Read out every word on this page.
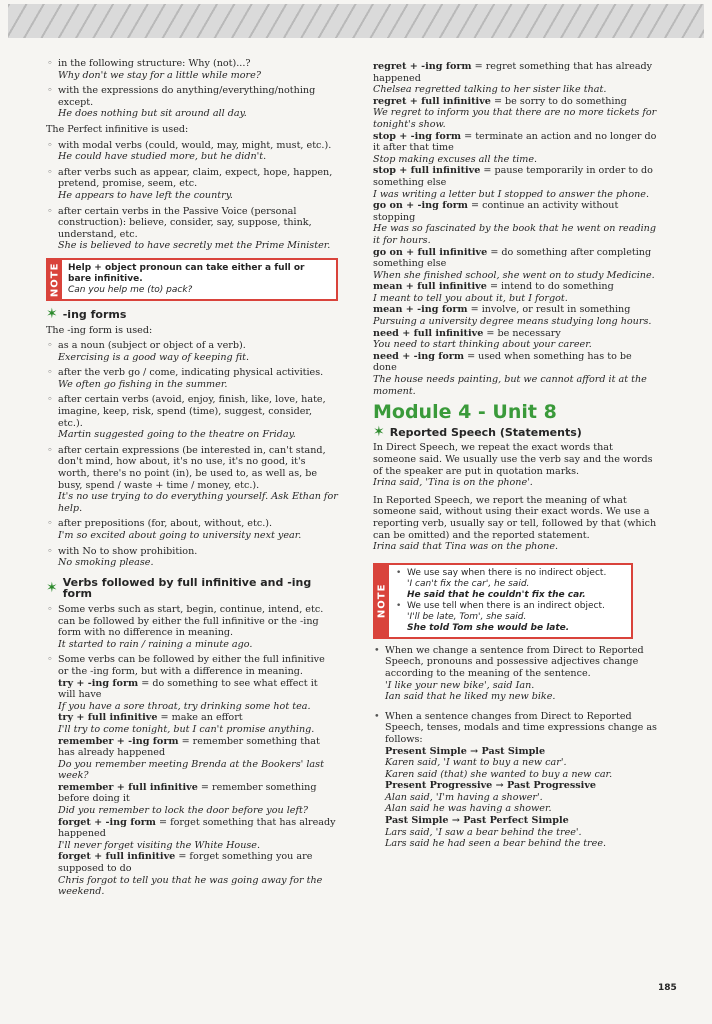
◦ in the following structure: Why (not)...?
Why don't we stay for a little while more?
◦ with the expressions do anything/everything/nothing except.
He does nothing but sit around all day.

The Perfect infinitive is used:

◦ with modal verbs (could, would, may, might, must, etc.).
He could have studied more, but he didn't.
◦ after verbs such as appear, claim, expect, hope, happen, pretend, promise, seem, etc.
He appears to have left the country.
◦ after certain verbs in the Passive Voice (personal construction): believe, consider, say, suppose, think, understand, etc.
She is believed to have secretly met the Prime Minister.
NOTE Help + object pronoun can take either a full or bare infinitive.
Can you help me (to) pack?
✶ -ing forms

The -ing form is used:

◦ as a noun (subject or object of a verb).
Exercising is a good way of keeping fit.
◦ after the verb go / come, indicating physical activities.
We often go fishing in the summer.
◦ after certain verbs (avoid, enjoy, finish, like, love, hate, imagine, keep, risk, spend (time), suggest, consider, etc.).
Martin suggested going to the theatre on Friday.
◦ after certain expressions (be interested in, can't stand, don't mind, how about, it's no use, it's no good, it's worth, there's no point (in), be used to, as well as, be busy, spend / waste + time / money, etc.).
It's no use trying to do everything yourself. Ask Ethan for help.
◦ after prepositions (for, about, without, etc.).
I'm so excited about going to university next year.
◦ with No to show prohibition.
No smoking please.
✶ Verbs followed by full infinitive and -ing form
◦ Some verbs such as start, begin, continue, intend, etc. can be followed by either the full infinitive or the -ing form with no difference in meaning.
It started to rain / raining a minute ago.
◦ Some verbs can be followed by either the full infinitive or the -ing form, but with a difference in meaning.
try + -ing form = do something to see what effect it will have
If you have a sore throat, try drinking some hot tea.
try + full infinitive = make an effort
I'll try to come tonight, but I can't promise anything.
remember + -ing form = remember something that has already happened
Do you remember meeting Brenda at the Bookers' last week?
remember + full infinitive = remember something before doing it
Did you remember to lock the door before you left?
forget + -ing form = forget something that has already happened
I'll never forget visiting the White House.
forget + full infinitive = forget something you are supposed to do
Chris forgot to tell you that he was going away for the weekend.
regret + -ing form = regret something that has already happened
Chelsea regretted talking to her sister like that.
regret + full infinitive = be sorry to do something
We regret to inform you that there are no more tickets for tonight's show.
stop + -ing form = terminate an action and no longer do it after that time
Stop making excuses all the time.
stop + full infinitive = pause temporarily in order to do something else
I was writing a letter but I stopped to answer the phone.
go on + -ing form = continue an activity without stopping
He was so fascinated by the book that he went on reading it for hours.
go on + full infinitive = do something after completing something else
When she finished school, she went on to study Medicine.
mean + full infinitive = intend to do something
I meant to tell you about it, but I forgot.
mean + -ing form = involve, or result in something
Pursuing a university degree means studying long hours.
need + full infinitive = be necessary
You need to start thinking about your career.
need + -ing form = used when something has to be done
The house needs painting, but we cannot afford it at the moment.
Module 4 - Unit 8
✶ Reported Speech (Statements)

In Direct Speech, we repeat the exact words that someone said. We usually use the verb say and the words of the speaker are put in quotation marks.

Irina said, 'Tina is on the phone'.

In Reported Speech, we report the meaning of what someone said, without using their exact words. We use a reporting verb, usually say or tell, followed by that (which can be omitted) and the reported statement.

Irina said that Tina was on the phone.
NOTE
• We use say when there is no indirect object.
'I can't fix the car', he said.
He said that he couldn't fix the car.
• We use tell when there is an indirect object.
'I'll be late, Tom', she said.
She told Tom she would be late.
• When we change a sentence from Direct to Reported Speech, pronouns and possessive adjectives change according to the meaning of the sentence.
'I like your new bike', said Ian.
Ian said that he liked my new bike.
• When a sentence changes from Direct to Reported Speech, tenses, modals and time expressions change as follows:
Present Simple → Past Simple
Karen said, 'I want to buy a new car'.
Karen said (that) she wanted to buy a new car.
Present Progressive → Past Progressive
Alan said, 'I'm having a shower'.
Alan said he was having a shower.
Past Simple → Past Perfect Simple
Lars said, 'I saw a bear behind the tree'.
Lars said he had seen a bear behind the tree.
185
